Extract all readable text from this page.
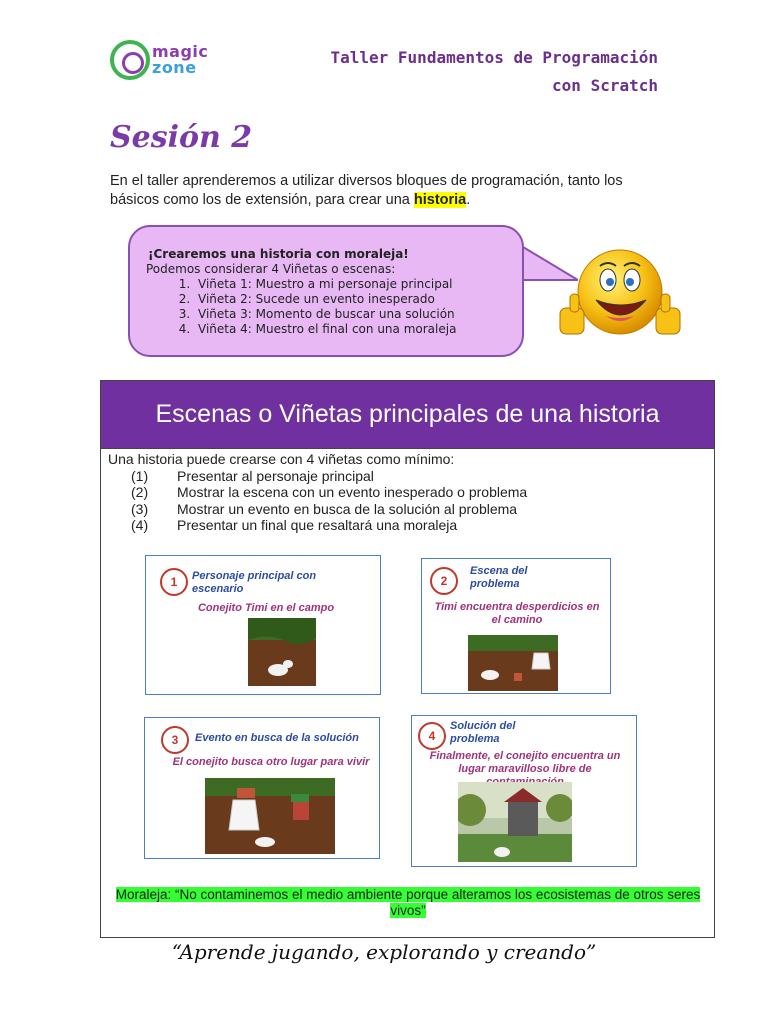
magic
zone
Taller Fundamentos de Programación
con Scratch
Sesión 2

En el taller aprenderemos a utilizar diversos bloques de programación, tanto los básicos como los de extensión, para crear una historia.

¡Crearemos una historia con moraleja!
Podemos considerar 4 Viñetas o escenas:
1. Viñeta 1: Muestro a mi personaje principal
2. Viñeta 2: Sucede un evento inesperado
3. Viñeta 3: Momento de buscar una solución
4. Viñeta 4: Muestro el final con una moraleja
Escenas o Viñetas principales de una historia
Una historia puede crearse con 4 viñetas como mínimo:
(1) Presentar al personaje principal
(2) Mostrar la escena con un evento inesperado o problema
(3) Mostrar un evento en busca de la solución al problema
(4) Presentar un final que resaltará una moraleja
1	Personaje principal con escenario
Conejito Timi en el campo
2
Escena del problema
Timi encuentra desperdicios en el camino
3	Evento en busca de la solución
El conejito busca otro lugar para vivir
4
Solución del problema
Finalmente, el conejito encuentra un lugar maravilloso libre de
Moraleja: “No contaminemos el medio ambiente porque alteramos los ecosistemas de otros seres vivos”
“Aprende jugando, explorando y creando”
